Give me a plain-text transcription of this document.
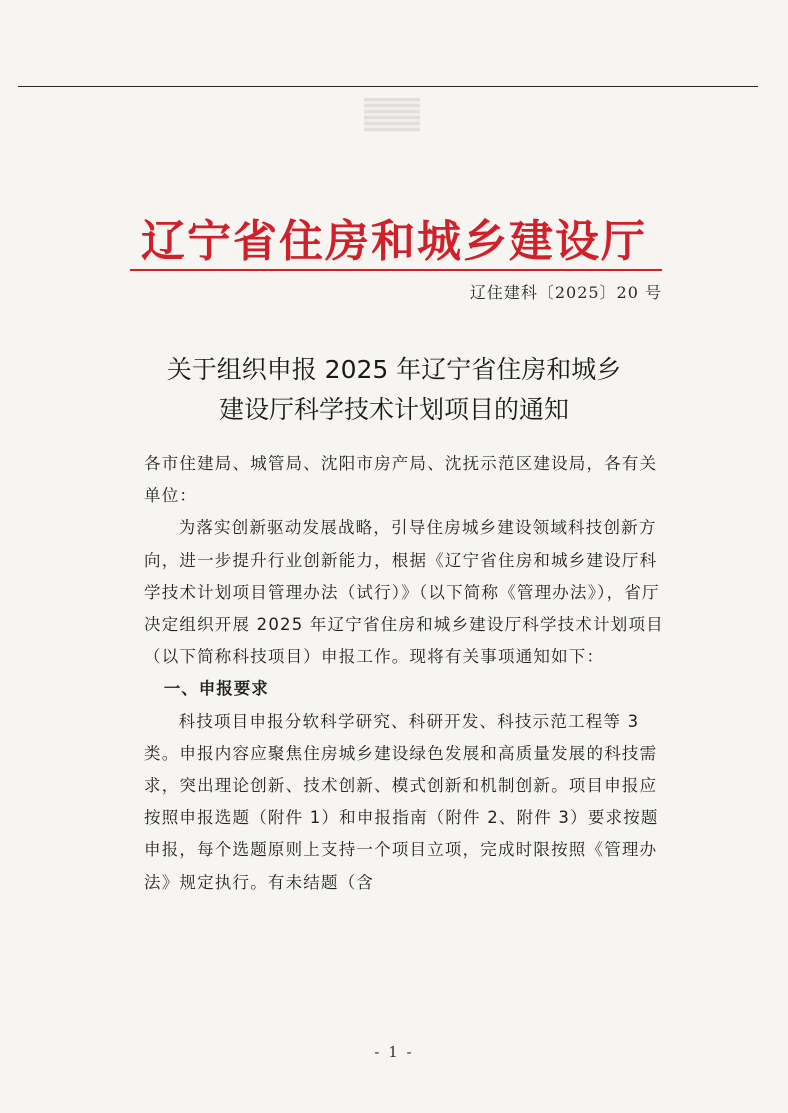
辽宁省住房和城乡建设厅
辽住建科〔2025〕20 号
关于组织申报 2025 年辽宁省住房和城乡
建设厅科学技术计划项目的通知

各市住建局、城管局、沈阳市房产局、沈抚示范区建设局，各有关单位：

为落实创新驱动发展战略，引导住房城乡建设领域科技创新方向，进一步提升行业创新能力，根据《辽宁省住房和城乡建设厅科学技术计划项目管理办法（试行）》（以下简称《管理办法》），省厅决定组织开展 2025 年辽宁省住房和城乡建设厅科学技术计划项目（以下简称科技项目）申报工作。现将有关事项通知如下：

一、申报要求

科技项目申报分软科学研究、科研开发、科技示范工程等 3 类。申报内容应聚焦住房城乡建设绿色发展和高质量发展的科技需求，突出理论创新、技术创新、模式创新和机制创新。项目申报应按照申报选题（附件 1）和申报指南（附件 2、附件 3）要求按题申报，每个选题原则上支持一个项目立项，完成时限按照《管理办法》规定执行。有未结题（含

- 1 -
